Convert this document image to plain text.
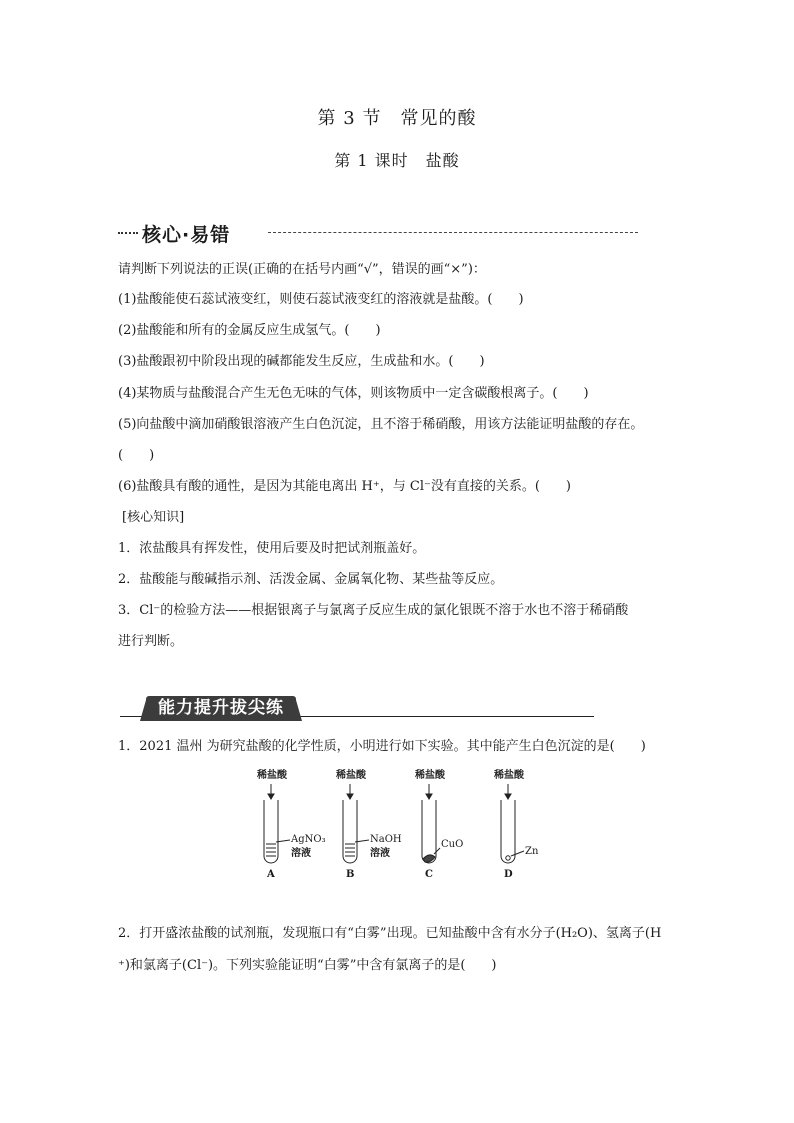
第 3 节　常见的酸
第 1 课时　盐酸
核心·易错
请判断下列说法的正误(正确的在括号内画“√”，错误的画“×”)：
(1)盐酸能使石蕊试液变红，则使石蕊试液变红的溶液就是盐酸。(　　)
(2)盐酸能和所有的金属反应生成氢气。(　　)
(3)盐酸跟初中阶段出现的碱都能发生反应，生成盐和水。(　　)
(4)某物质与盐酸混合产生无色无味的气体，则该物质中一定含碳酸根离子。(　　)
(5)向盐酸中滴加硝酸银溶液产生白色沉淀，且不溶于稀硝酸，用该方法能证明盐酸的存在。
(　　)
(6)盐酸具有酸的通性，是因为其能电离出 H⁺，与 Cl⁻没有直接的关系。(　　)
[核心知识]
1．浓盐酸具有挥发性，使用后要及时把试剂瓶盖好。
2．盐酸能与酸碱指示剂、活泼金属、金属氧化物、某些盐等反应。
3．Cl⁻的检验方法——根据银离子与氯离子反应生成的氯化银既不溶于水也不溶于稀硝酸
进行判断。
能力提升拔尖练
1．2021 温州 为研究盐酸的化学性质，小明进行如下实验。其中能产生白色沉淀的是(　　)
稀盐酸	稀盐酸	稀盐酸	稀盐酸
AgNO₃
溶液
NaOH
溶液
CuO
Zn
A	B	C	D
2．打开盛浓盐酸的试剂瓶，发现瓶口有“白雾”出现。已知盐酸中含有水分子(H₂O)、氢离子(H
⁺)和氯离子(Cl⁻)。下列实验能证明“白雾”中含有氯离子的是(　　)
